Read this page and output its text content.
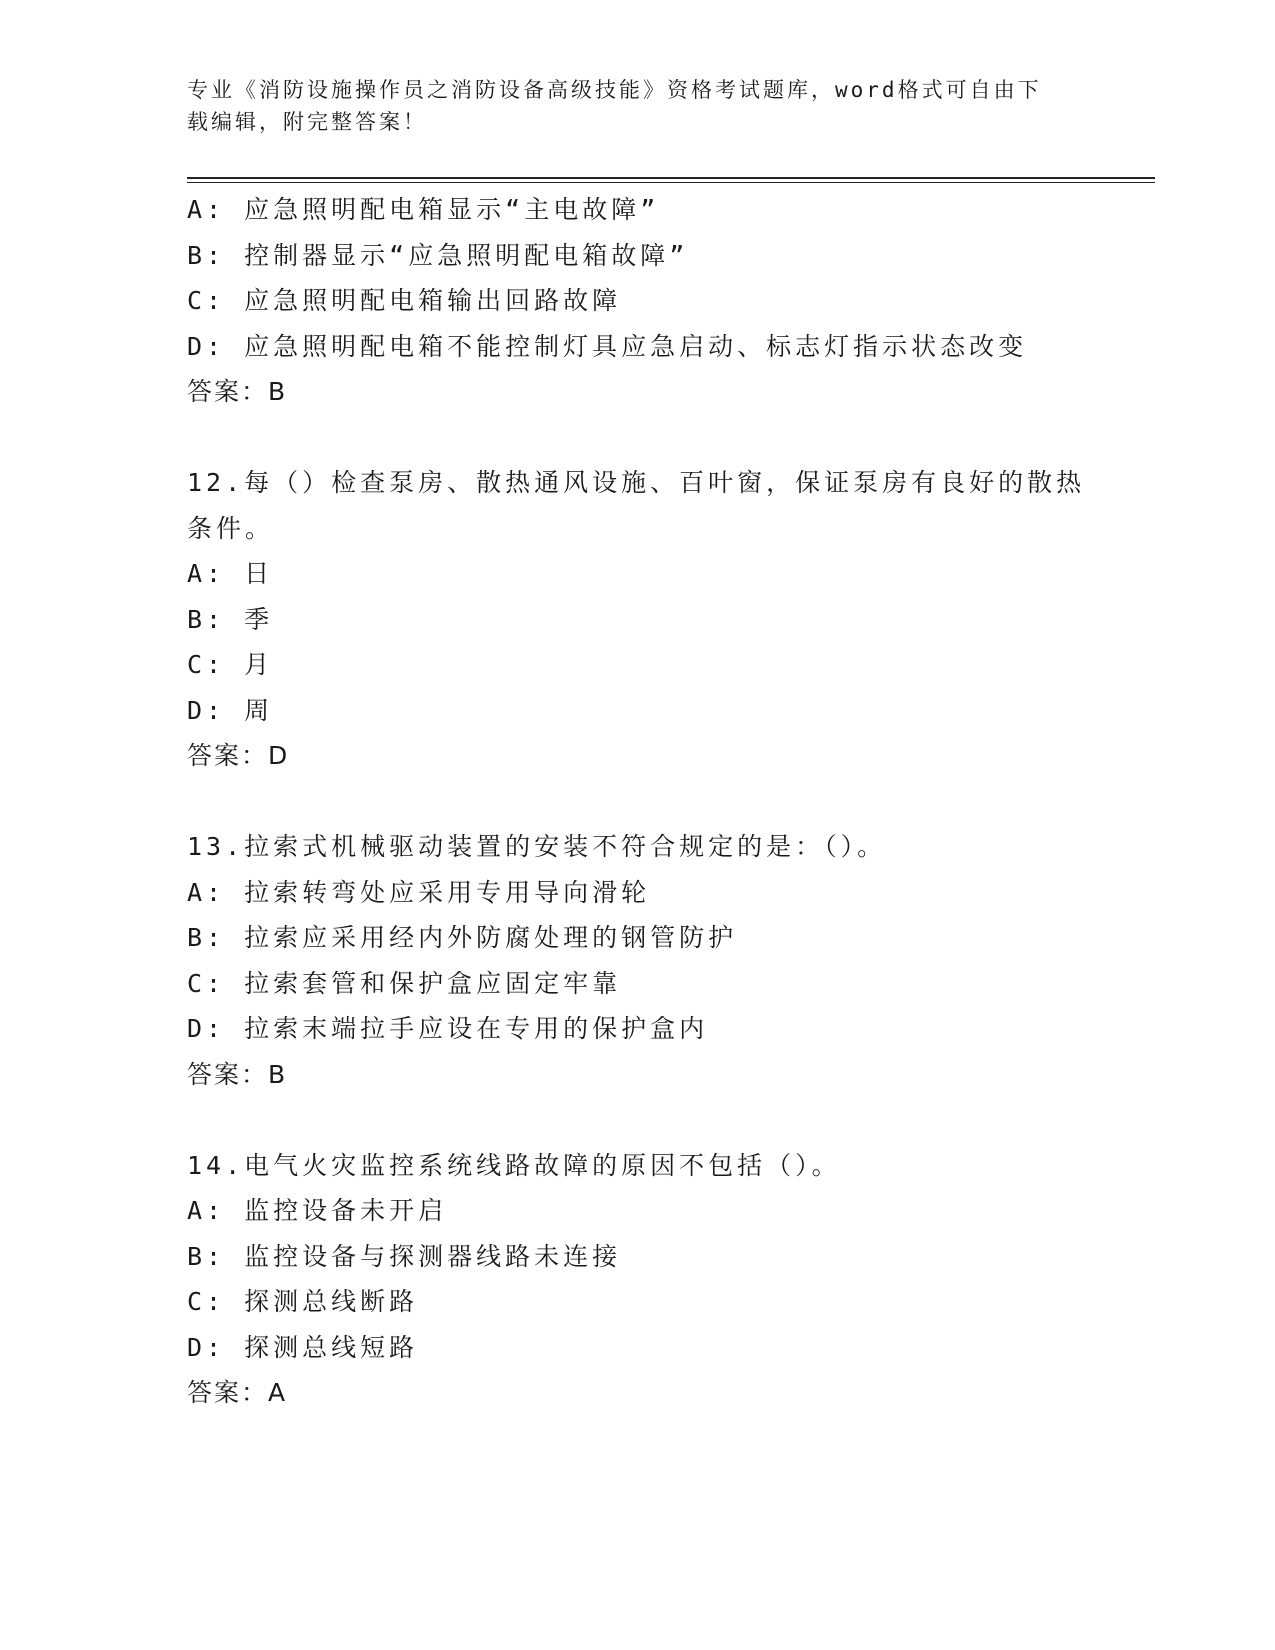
专业《消防设施操作员之消防设备高级技能》资格考试题库，word格式可自由下
载编辑，附完整答案！
A: 应急照明配电箱显示“主电故障”
B: 控制器显示“应急照明配电箱故障”
C: 应急照明配电箱输出回路故障
D: 应急照明配电箱不能控制灯具应急启动、标志灯指示状态改变
答案：B
12.每（）检查泵房、散热通风设施、百叶窗，保证泵房有良好的散热
条件。
A: 日
B: 季
C: 月
D: 周
答案：D
13.拉索式机械驱动装置的安装不符合规定的是：（）。
A: 拉索转弯处应采用专用导向滑轮
B: 拉索应采用经内外防腐处理的钢管防护
C: 拉索套管和保护盒应固定牢靠
D: 拉索末端拉手应设在专用的保护盒内
答案：B
14.电气火灾监控系统线路故障的原因不包括（）。
A: 监控设备未开启
B: 监控设备与探测器线路未连接
C: 探测总线断路
D: 探测总线短路
答案：A
